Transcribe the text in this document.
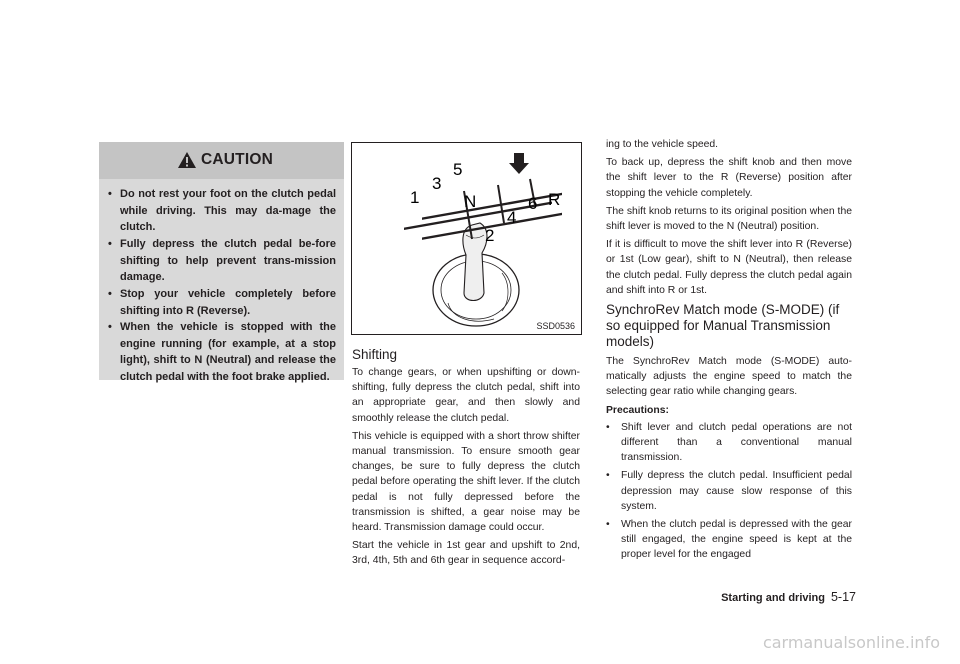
CAUTION
• Do not rest your foot on the clutch pedal while driving. This may da-mage the clutch.
• Fully depress the clutch pedal be-fore shifting to help prevent trans-mission damage.
• Stop your vehicle completely before shifting into R (Reverse).
• When the vehicle is stopped with the engine running (for example, at a stop light), shift to N (Neutral) and release the clutch pedal with the foot brake applied.
1
2
3
4
5
6
N	R
SSD0536
Shifting

To change gears, or when upshifting or down-shifting, fully depress the clutch pedal, shift into an appropriate gear, and then slowly and smoothly release the clutch pedal.

This vehicle is equipped with a short throw shifter manual transmission. To ensure smooth gear changes, be sure to fully depress the clutch pedal before operating the shift lever. If the clutch pedal is not fully depressed before the transmission is shifted, a gear noise may be heard. Transmission damage could occur.

Start the vehicle in 1st gear and upshift to 2nd, 3rd, 4th, 5th and 6th gear in sequence accord-

ing to the vehicle speed.

To back up, depress the shift knob and then move the shift lever to the R (Reverse) position after stopping the vehicle completely.

The shift knob returns to its original position when the shift lever is moved to the N (Neutral) position.

If it is difficult to move the shift lever into R (Reverse) or 1st (Low gear), shift to N (Neutral), then release the clutch pedal. Fully depress the clutch pedal again and shift into R or 1st.

SynchroRev Match mode (S-MODE) (if so equipped for Manual Transmission models)

The SynchroRev Match mode (S-MODE) auto-matically adjusts the engine speed to match the selecting gear ratio while changing gears.

Precautions:

• Shift lever and clutch pedal operations are not different than a conventional manual transmission.
• Fully depress the clutch pedal. Insufficient pedal depression may cause slow response of this system.
• When the clutch pedal is depressed with the gear still engaged, the engine speed is kept at the proper level for the engaged
Starting and driving 5-17
carmanualsonline.info
